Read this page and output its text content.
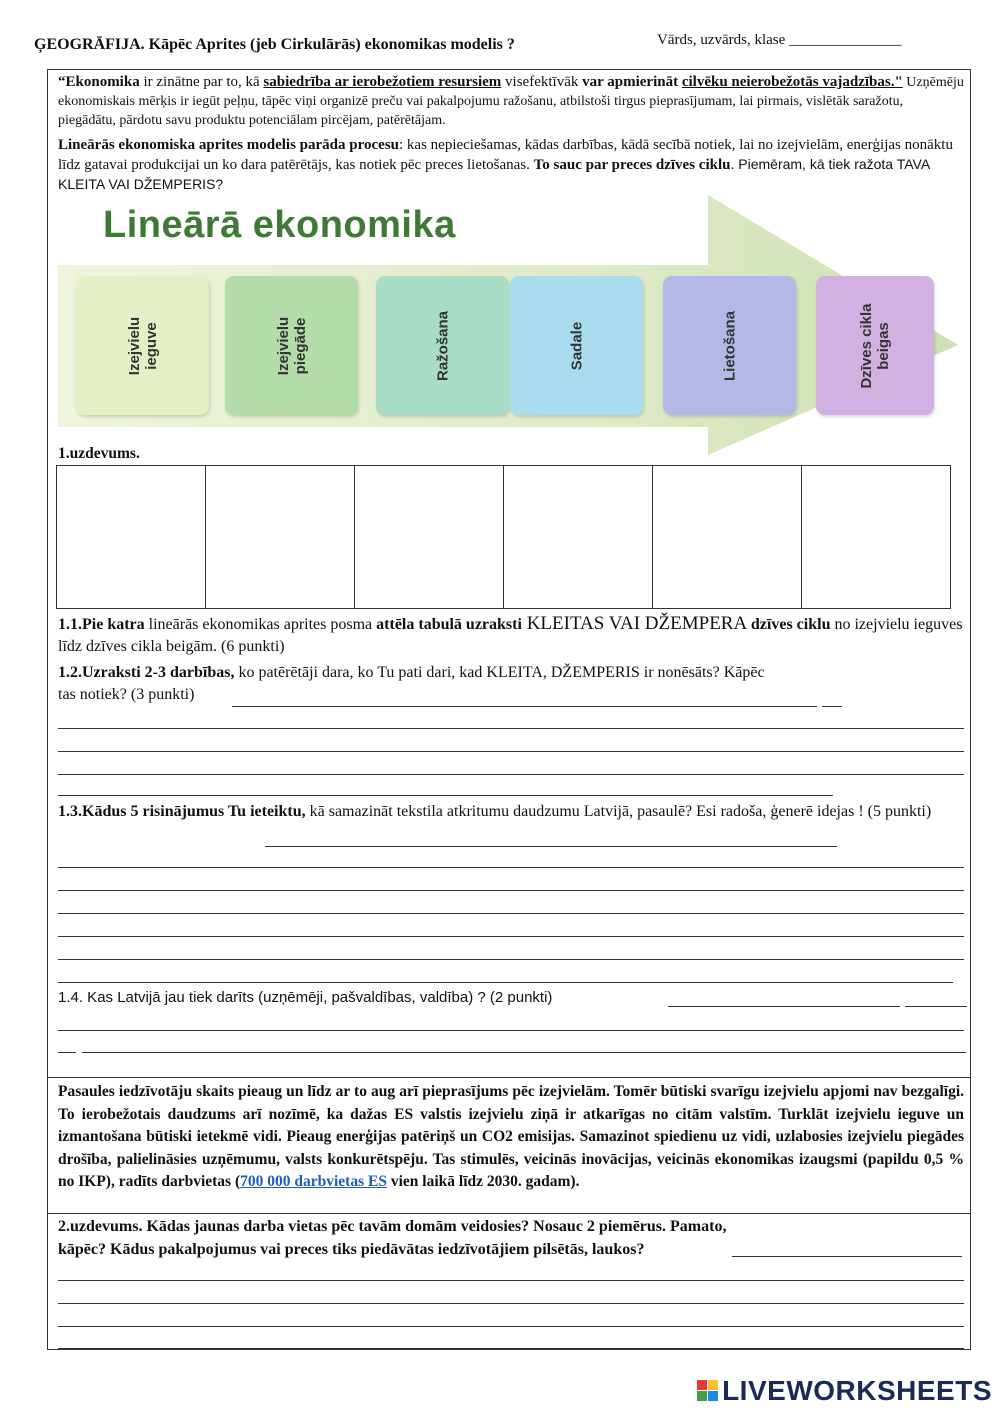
ĢEOGRĀFIJA. Kāpēc Aprites (jeb Cirkulārās) ekonomikas modelis ?	Vārds, uzvārds, klase _______________
“Ekonomika ir zinātne par to, kā sabiedrība ar ierobežotiem resursiem visefektīvāk var apmierināt cilvēku neierobežotās vajadzības." Uzņēmēju ekonomiskais mērķis ir iegūt peļņu, tāpēc viņi organizē preču vai pakalpojumu ražošanu, atbilstoši tirgus pieprasījumam, lai pirmais, vislētāk saražotu, piegādātu, pārdotu savu produktu potenciālam pircējam, patērētājam.
Lineārās ekonomiska aprites modelis parāda procesu: kas nepieciešamas, kādas darbības, kādā secībā notiek, lai no izejvielām, enerģijas nonāktu līdz gatavai produkcijai un ko dara patērētājs, kas notiek pēc preces lietošanas. To sauc par preces dzīves ciklu. Piemēram, kā tiek ražota TAVA KLEITA VAI DŽEMPERIS?
Lineārā ekonomika
Izejvielu
ieguve	Izejvielu
piegāde	Ražošana	Sadale	Lietošana	Dzīves cikla
beigas
1.uzdevums.

1.1.Pie katra lineārās ekonomikas aprites posma attēla tabulā uzraksti KLEITAS VAI DŽEMPERA dzīves ciklu no izejvielu ieguves līdz dzīves cikla beigām. (6 punkti)
1.2.Uzraksti 2-3 darbības, ko patērētāji dara, ko Tu pati dari, kad KLEITA, DŽEMPERIS ir nonēsāts? Kāpēc tas notiek? (3 punkti)
1.3.Kādus 5 risinājumus Tu ieteiktu, kā samazināt tekstila atkritumu daudzumu Latvijā, pasaulē? Esi radoša, ģenerē idejas ! (5 punkti)
1.4. Kas Latvijā jau tiek darīts (uzņēmēji, pašvaldības, valdība) ? (2 punkti)
Pasaules iedzīvotāju skaits pieaug un līdz ar to aug arī pieprasījums pēc izejvielām. Tomēr būtiski svarīgu izejvielu apjomi nav bezgalīgi. To ierobežotais daudzums arī nozīmē, ka dažas ES valstis izejvielu ziņā ir atkarīgas no citām valstīm. Turklāt izejvielu ieguve un izmantošana būtiski ietekmē vidi. Pieaug enerģijas patēriņš un CO2 emisijas. Samazinot spiedienu uz vidi, uzlabosies izejvielu piegādes drošība, palielināsies uzņēmumu, valsts konkurētspēju. Tas stimulēs, veicinās inovācijas, veicinās ekonomikas izaugsmi (papildu 0,5 % no IKP), radīts darbvietas (700 000 darbvietas ES vien laikā līdz 2030. gadam).
2.uzdevums. Kādas jaunas darba vietas pēc tavām domām veidosies? Nosauc 2 piemērus. Pamato, kāpēc? Kādus pakalpojumus vai preces tiks piedāvātas iedzīvotājiem pilsētās, laukos?
LIVEWORKSHEETS
